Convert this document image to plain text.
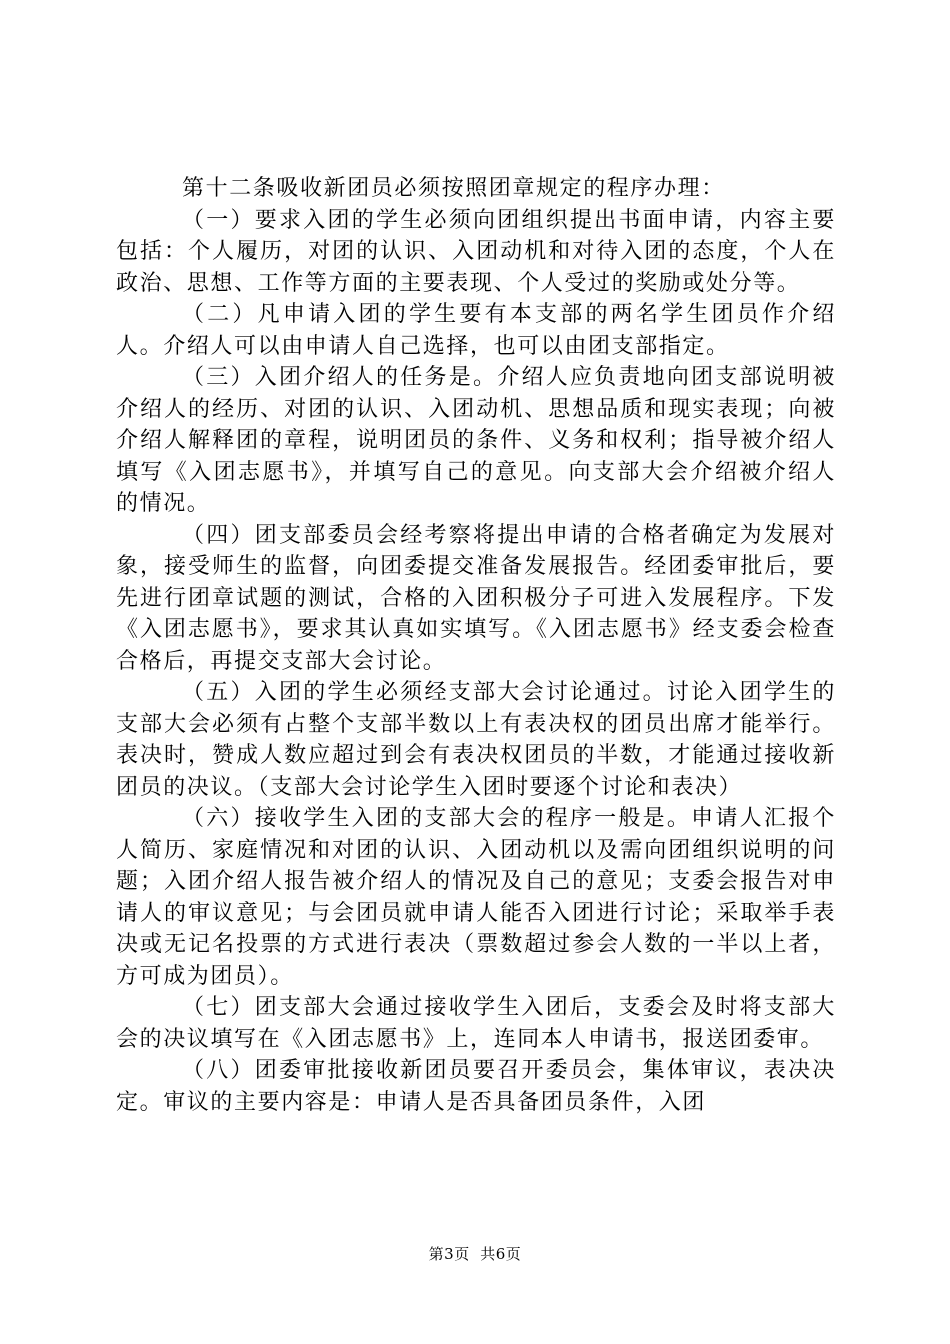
第十二条吸收新团员必须按照团章规定的程序办理：

（一）要求入团的学生必须向团组织提出书面申请，内容主要包括：个人履历，对团的认识、入团动机和对待入团的态度，个人在政治、思想、工作等方面的主要表现、个人受过的奖励或处分等。

（二）凡申请入团的学生要有本支部的两名学生团员作介绍人。介绍人可以由申请人自己选择，也可以由团支部指定。

（三）入团介绍人的任务是。介绍人应负责地向团支部说明被介绍人的经历、对团的认识、入团动机、思想品质和现实表现；向被介绍人解释团的章程，说明团员的条件、义务和权利；指导被介绍人填写《入团志愿书》，并填写自己的意见。向支部大会介绍被介绍人的情况。

（四）团支部委员会经考察将提出申请的合格者确定为发展对象，接受师生的监督，向团委提交准备发展报告。经团委审批后，要先进行团章试题的测试，合格的入团积极分子可进入发展程序。下发《入团志愿书》，要求其认真如实填写。《入团志愿书》经支委会检查合格后，再提交支部大会讨论。

（五）入团的学生必须经支部大会讨论通过。讨论入团学生的支部大会必须有占整个支部半数以上有表决权的团员出席才能举行。表决时，赞成人数应超过到会有表决权团员的半数，才能通过接收新团员的决议。（支部大会讨论学生入团时要逐个讨论和表决）

（六）接收学生入团的支部大会的程序一般是。申请人汇报个人简历、家庭情况和对团的认识、入团动机以及需向团组织说明的问题；入团介绍人报告被介绍人的情况及自己的意见；支委会报告对申请人的审议意见；与会团员就申请人能否入团进行讨论；采取举手表决或无记名投票的方式进行表决（票数超过参会人数的一半以上者，方可成为团员）。

（七）团支部大会通过接收学生入团后，支委会及时将支部大会的决议填写在《入团志愿书》上，连同本人申请书，报送团委审。

（八）团委审批接收新团员要召开委员会，集体审议，表决决定。审议的主要内容是：申请人是否具备团员条件，入团

第3页 共6页
